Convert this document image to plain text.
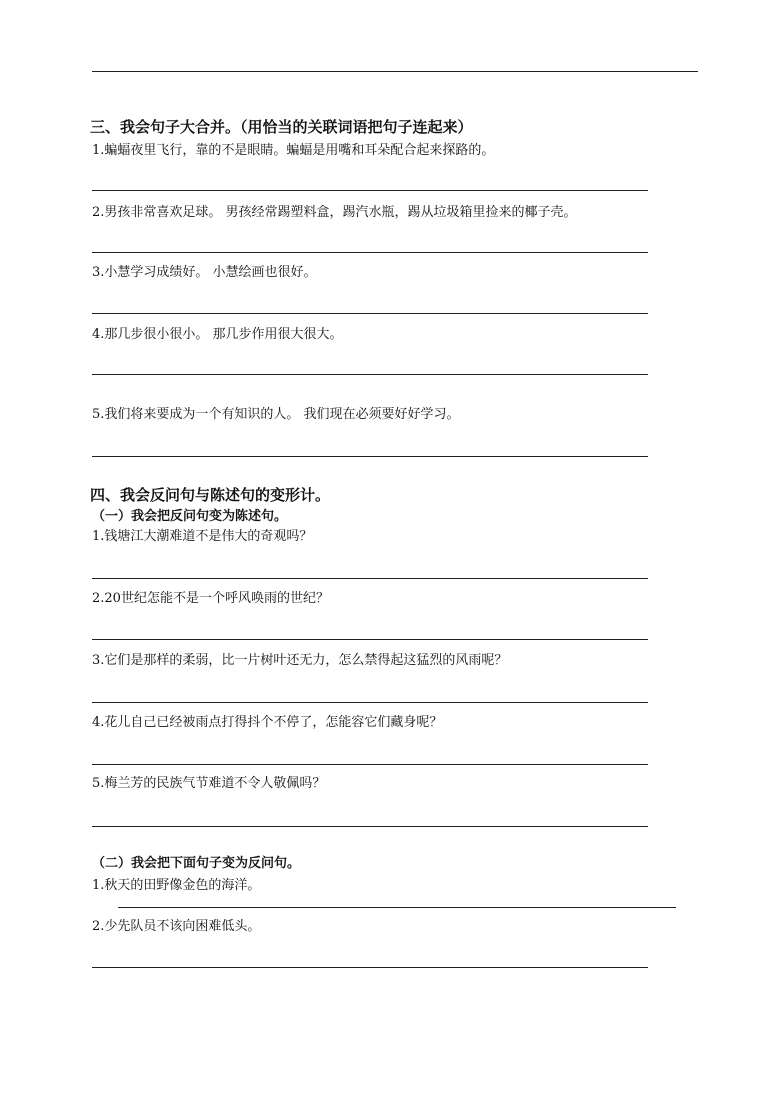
三、我会句子大合并。（用恰当的关联词语把句子连起来）
1.蝙蝠夜里飞行，靠的不是眼睛。蝙蝠是用嘴和耳朵配合起来探路的。
2.男孩非常喜欢足球。 男孩经常踢塑料盒，踢汽水瓶，踢从垃圾箱里捡来的椰子壳。
3.小慧学习成绩好。 小慧绘画也很好。
4.那几步很小很小。 那几步作用很大很大。
5.我们将来要成为一个有知识的人。 我们现在必须要好好学习。
四、我会反问句与陈述句的变形计。
（一）我会把反问句变为陈述句。
1.钱塘江大潮难道不是伟大的奇观吗？
2.20世纪怎能不是一个呼风唤雨的世纪？
3.它们是那样的柔弱，比一片树叶还无力，怎么禁得起这猛烈的风雨呢？
4.花儿自己已经被雨点打得抖个不停了，怎能容它们藏身呢？
5.梅兰芳的民族气节难道不令人敬佩吗？
（二）我会把下面句子变为反问句。
1.秋天的田野像金色的海洋。
2.少先队员不该向困难低头。
